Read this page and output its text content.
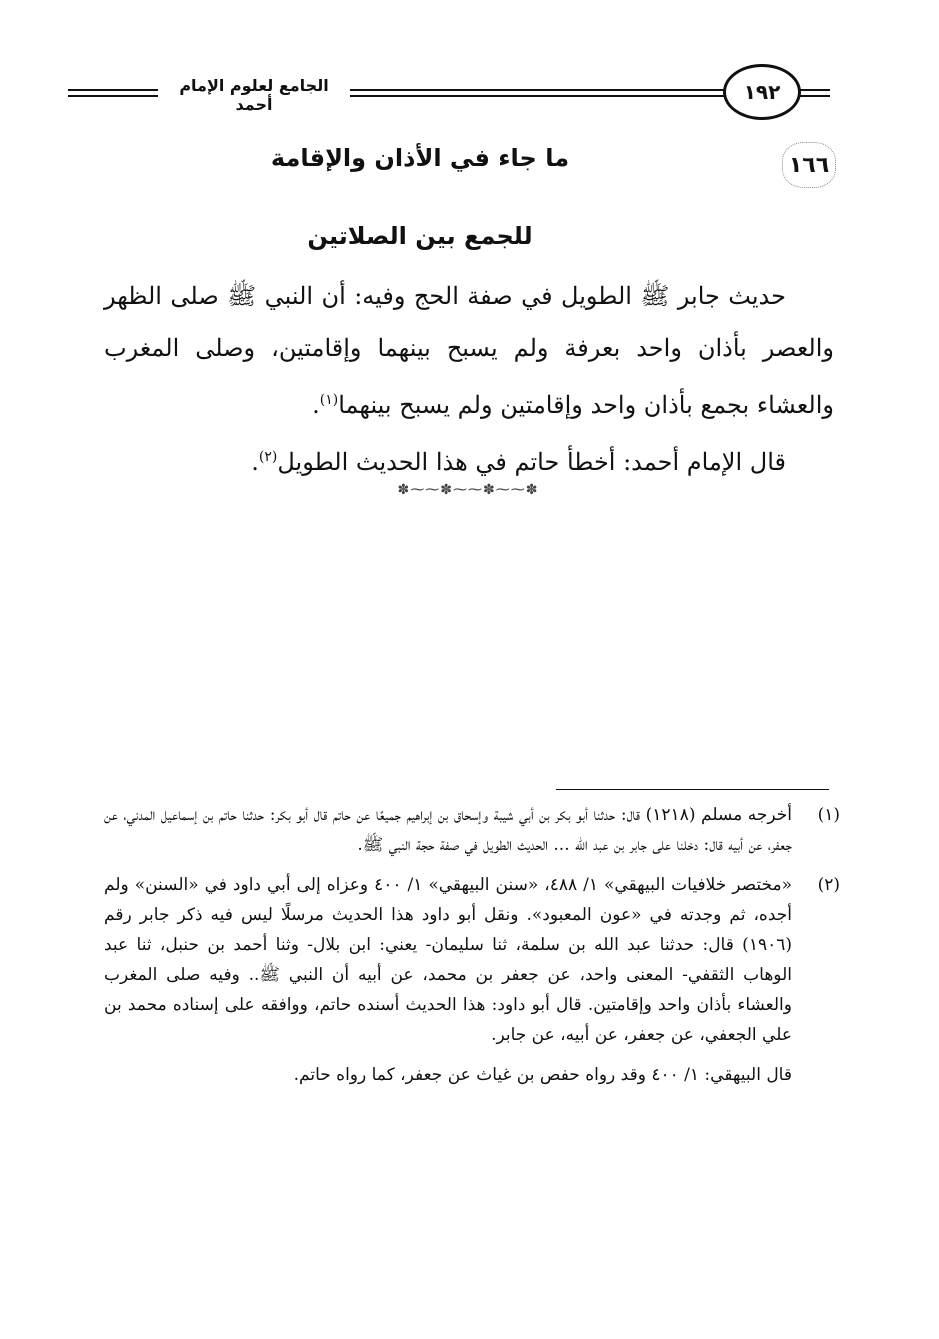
الجامع لعلوم الإمام أحمد
١٩٢
١٦٦
ما جاء في الأذان والإقامة
للجمع بين الصلاتين

حديث جابر ﷺ الطويل في صفة الحج وفيه: أن النبي ﷺ صلى الظهر والعصر بأذان واحد بعرفة ولم يسبح بينهما وإقامتين، وصلى المغرب والعشاء بجمع بأذان واحد وإقامتين ولم يسبح بينهما$^{(١)}$.

قال الإمام أحمد: أخطأ حاتم في هذا الحديث الطويل$^{(٢)}$.

✽⁓⁓✽⁓⁓✽⁓⁓✽
(١)
أخرجه مسلم (١٢١٨) قال: حدثنا أبو بكر بن أبي شيبة وإسحاق بن إبراهيم جميعًا عن حاتم قال أبو بكر: حدثنا حاتم بن إسماعيل المدني، عن جعفر، عن أبيه قال: دخلنا على جابر بن عبد الله ... الحديث الطويل في صفة حجة النبي ﷺ.
(٢)
«مختصر خلافيات البيهقي» ١/ ٤٨٨، «سنن البيهقي» ١/ ٤٠٠ وعزاه إلى أبي داود في «السنن» ولم أجده، ثم وجدته في «عون المعبود». ونقل أبو داود هذا الحديث مرسلًا ليس فيه ذكر جابر رقم (١٩٠٦) قال: حدثنا عبد الله بن سلمة، ثنا سليمان- يعني: ابن بلال- وثنا أحمد بن حنبل، ثنا عبد الوهاب الثقفي- المعنى واحد، عن جعفر بن محمد، عن أبيه أن النبي ﷺ.. وفيه صلى المغرب والعشاء بأذان واحد وإقامتين. قال أبو داود: هذا الحديث أسنده حاتم، ووافقه على إسناده محمد بن علي الجعفي، عن جعفر، عن أبيه، عن جابر.
قال البيهقي: ١/ ٤٠٠ وقد رواه حفص بن غياث عن جعفر، كما رواه حاتم.
